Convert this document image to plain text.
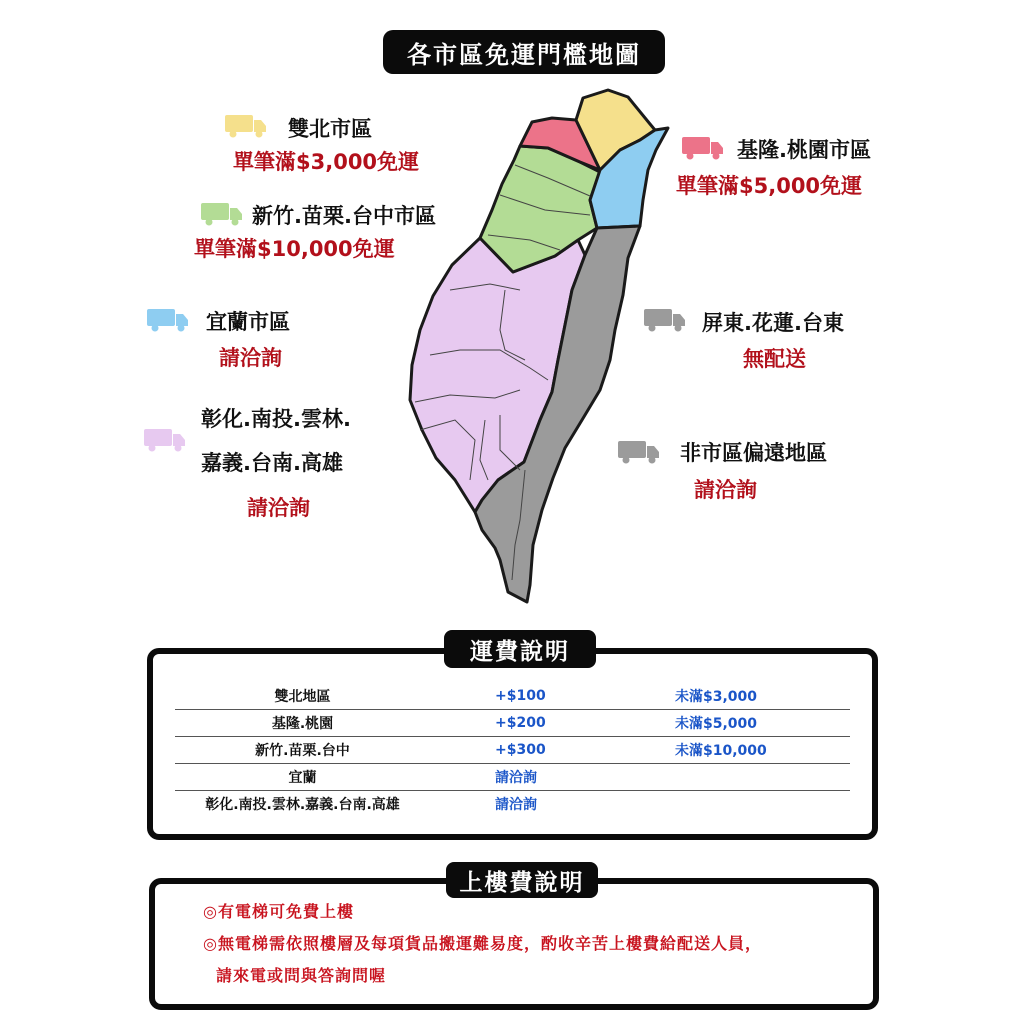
各市區免運門檻地圖
雙北市區
單筆滿$3,000免運
新竹.苗栗.台中市區
單筆滿$10,000免運
宜蘭市區
請洽詢
彰化.南投.雲林.
嘉義.台南.高雄
請洽詢
基隆.桃園市區
單筆滿$5,000免運
屏東.花蓮.台東
無配送
非市區偏遠地區
請洽詢
運費說明
雙北地區	+$100	未滿$3,000
基隆.桃園	+$200	未滿$5,000
新竹.苗栗.台中	+$300	未滿$10,000
宜蘭	請洽詢	
彰化.南投.雲林.嘉義.台南.高雄	請洽詢	
上樓費說明
◎有電梯可免費上樓
◎無電梯需依照樓層及每項貨品搬運難易度，酌收辛苦上樓費給配送人員，
請來電或問與答詢問喔
